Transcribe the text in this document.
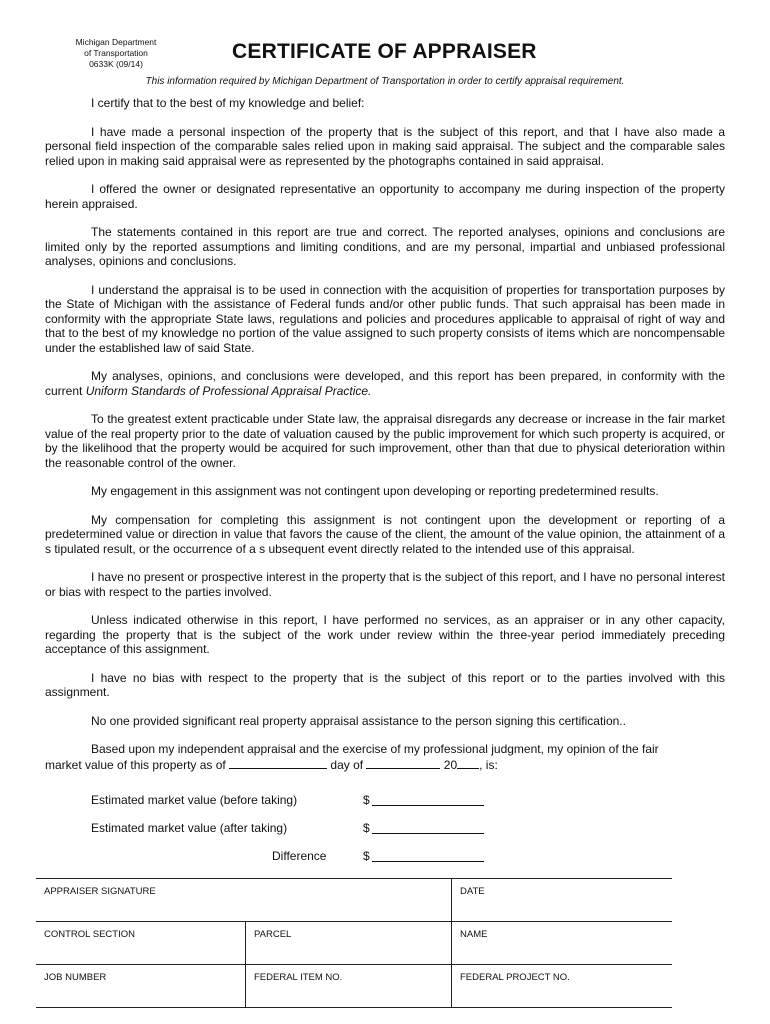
Michigan Department
of Transportation
0633K (09/14)
CERTIFICATE OF APPRAISER
This information required by Michigan Department of Transportation in order to certify appraisal requirement.

I certify that to the best of my knowledge and belief:

I have made a personal inspection of the property that is the subject of this report, and that I have also made a personal field inspection of the comparable sales relied upon in making said appraisal. The subject and the comparable sales relied upon in making said appraisal were as represented by the photographs contained in said appraisal.

I offered the owner or designated representative an opportunity to accompany me during inspection of the property herein appraised.

The statements contained in this report are true and correct. The reported analyses, opinions and conclusions are limited only by the reported assumptions and limiting conditions, and are my personal, impartial and unbiased professional analyses, opinions and conclusions.

I understand the appraisal is to be used in connection with the acquisition of properties for transportation purposes by the State of Michigan with the assistance of Federal funds and/or other public funds. That such appraisal has been made in conformity with the appropriate State laws, regulations and policies and procedures applicable to appraisal of right of way and that to the best of my knowledge no portion of the value assigned to such property consists of items which are noncompensable under the established law of said State.

My analyses, opinions, and conclusions were developed, and this report has been prepared, in conformity with the current Uniform Standards of Professional Appraisal Practice.

To the greatest extent practicable under State law, the appraisal disregards any decrease or increase in the fair market value of the real property prior to the date of valuation caused by the public improvement for which such property is acquired, or by the likelihood that the property would be acquired for such improvement, other than that due to physical deterioration within the reasonable control of the owner.

My engagement in this assignment was not contingent upon developing or reporting predetermined results.

My compensation for completing this assignment is not contingent upon the development or reporting of a predetermined value or direction in value that favors the cause of the client, the amount of the value opinion, the attainment of a s tipulated result, or the occurrence of a s ubsequent event directly related to the intended use of this appraisal.

I have no present or prospective interest in the property that is the subject of this report, and I have no personal interest or bias with respect to the parties involved.

Unless indicated otherwise in this report, I have performed no services, as an appraiser or in any other capacity, regarding the property that is the subject of the work under review within the three-year period immediately preceding acceptance of this assignment.

I have no bias with respect to the property that is the subject of this report or to the parties involved with this assignment.

No one provided significant real property appraisal assistance to the person signing this certification..

Based upon my independent appraisal and the exercise of my professional judgment, my opinion of the fair

market value of this property as of	day of	20 , is:
Estimated market value (before taking)	$
Estimated market value (after taking)	$
Difference	$
APPRAISER SIGNATURE		DATE
CONTROL SECTION	PARCEL	NAME
JOB NUMBER	FEDERAL ITEM NO.	FEDERAL PROJECT NO.
